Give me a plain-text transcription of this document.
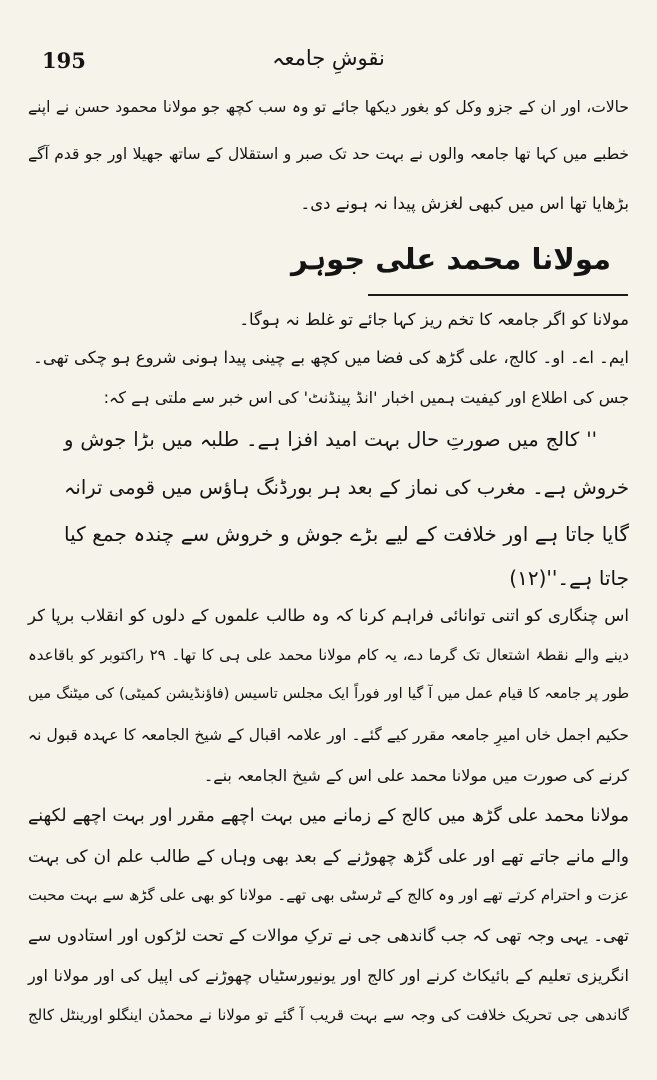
195	نقوشِ جامعہ
حالات، اور ان کے جزو وکل کو بغور دیکھا جائے تو وہ سب کچھ جو مولانا محمود حسن نے اپنے
خطبے میں کہا تھا جامعہ والوں نے بہت حد تک صبر و استقلال کے ساتھ جھیلا اور جو قدم آگے
بڑھایا تھا اس میں کبھی لغزش پیدا نہ ہونے دی۔
مولانا محمد علی جوہر
مولانا کو اگر جامعہ کا تخم ریز کہا جائے تو غلط نہ ہوگا۔
ایم۔ اے۔ او۔ کالج، علی گڑھ کی فضا میں کچھ بے چینی پیدا ہونی شروع ہو چکی تھی۔
جس کی اطلاع اور کیفیت ہمیں اخبار 'انڈ پینڈنٹ' کی اس خبر سے ملتی ہے کہ:
'' کالج میں صورتِ حال بہت امید افزا ہے۔ طلبہ میں بڑا جوش و
خروش ہے۔ مغرب کی نماز کے بعد ہر بورڈنگ ہاؤس میں قومی ترانہ
گایا جاتا ہے اور خلافت کے لیے بڑے جوش و خروش سے چندہ جمع کیا
جاتا ہے۔''(۱۲)
اس چنگاری کو اتنی توانائی فراہم کرنا کہ وہ طالب علموں کے دلوں کو انقلاب برپا کر
دینے والے نقطۂ اشتعال تک گرما دے، یہ کام مولانا محمد علی ہی کا تھا۔ ۲۹ راکتوبر کو باقاعدہ
طور پر جامعہ کا قیام عمل میں آ گیا اور فوراً ایک مجلس تاسیس (فاؤنڈیشن کمیٹی) کی میٹنگ میں
حکیم اجمل خاں امیرِ جامعہ مقرر کیے گئے۔ اور علامہ اقبال کے شیخ الجامعہ کا عہدہ قبول نہ
کرنے کی صورت میں مولانا محمد علی اس کے شیخ الجامعہ بنے۔
مولانا محمد علی گڑھ میں کالج کے زمانے میں بہت اچھے مقرر اور بہت اچھے لکھنے
والے مانے جاتے تھے اور علی گڑھ چھوڑنے کے بعد بھی وہاں کے طالب علم ان کی بہت
عزت و احترام کرتے تھے اور وہ کالج کے ٹرسٹی بھی تھے۔ مولانا کو بھی علی گڑھ سے بہت محبت
تھی۔ یہی وجہ تھی کہ جب گاندھی جی نے ترکِ موالات کے تحت لڑکوں اور استادوں سے
انگریزی تعلیم کے بائیکاٹ کرنے اور کالج اور یونیورسٹیاں چھوڑنے کی اپیل کی اور مولانا اور
گاندھی جی تحریک خلافت کی وجہ سے بہت قریب آ گئے تو مولانا نے محمڈن اینگلو اورینٹل کالج
